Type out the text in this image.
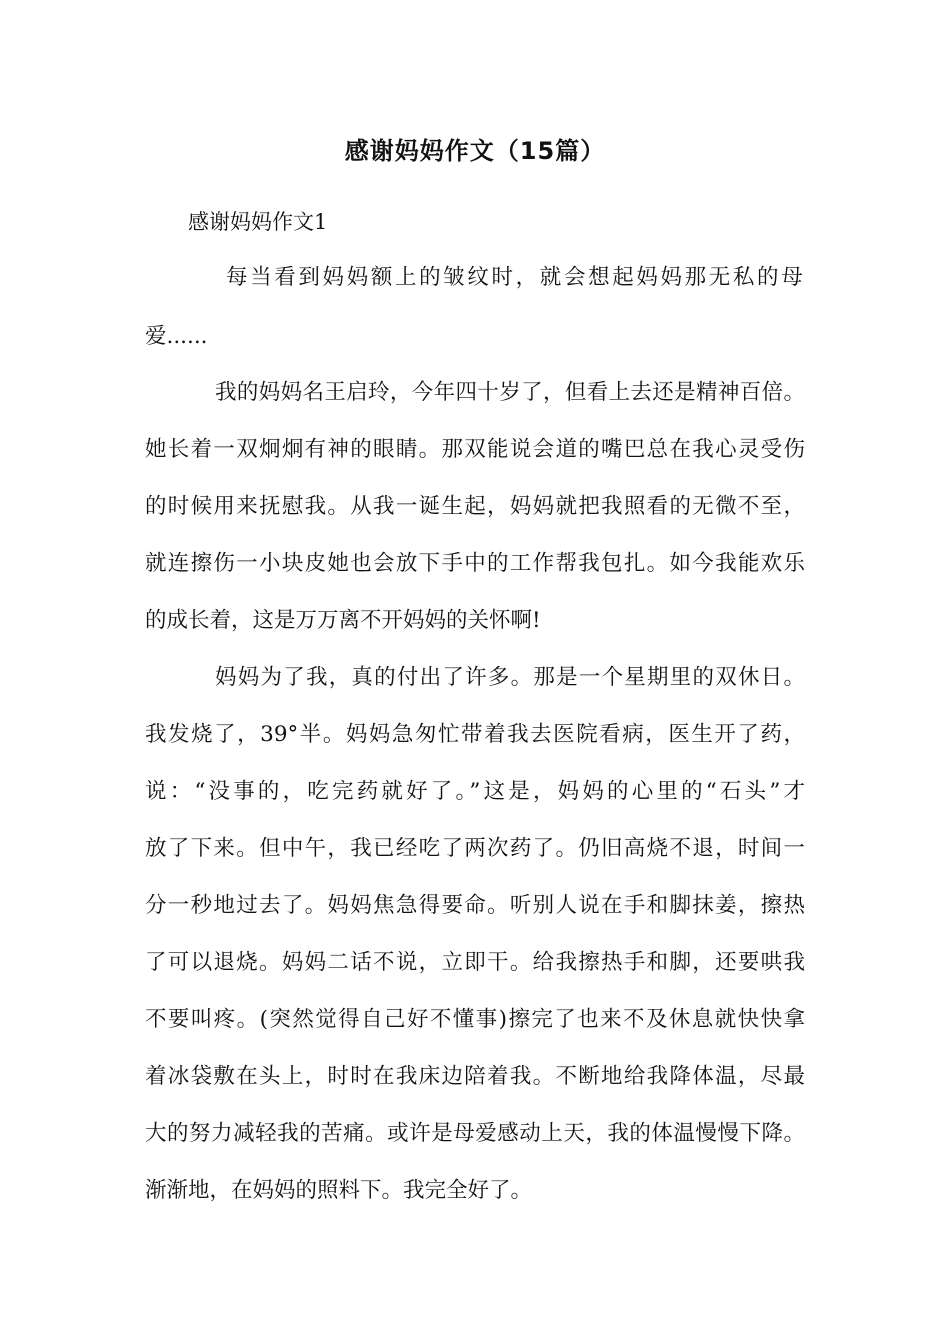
感谢妈妈作文（15篇）
感谢妈妈作文1
每当看到妈妈额上的皱纹时，就会想起妈妈那无私的母
爱......
我的妈妈名王启玲，今年四十岁了，但看上去还是精神百倍。
她长着一双炯炯有神的眼睛。那双能说会道的嘴巴总在我心灵受伤
的时候用来抚慰我。从我一诞生起，妈妈就把我照看的无微不至，
就连擦伤一小块皮她也会放下手中的工作帮我包扎。如今我能欢乐
的成长着，这是万万离不开妈妈的关怀啊!
妈妈为了我，真的付出了许多。那是一个星期里的双休日。
我发烧了，39°半。妈妈急匆忙带着我去医院看病，医生开了药，
说：“没事的，吃完药就好了。”这是，妈妈的心里的“石头”才
放了下来。但中午，我已经吃了两次药了。仍旧高烧不退，时间一
分一秒地过去了。妈妈焦急得要命。听别人说在手和脚抹姜，擦热
了可以退烧。妈妈二话不说，立即干。给我擦热手和脚，还要哄我
不要叫疼。(突然觉得自己好不懂事)擦完了也来不及休息就快快拿
着冰袋敷在头上，时时在我床边陪着我。不断地给我降体温，尽最
大的努力减轻我的苦痛。或许是母爱感动上天，我的体温慢慢下降。
渐渐地，在妈妈的照料下。我完全好了。
